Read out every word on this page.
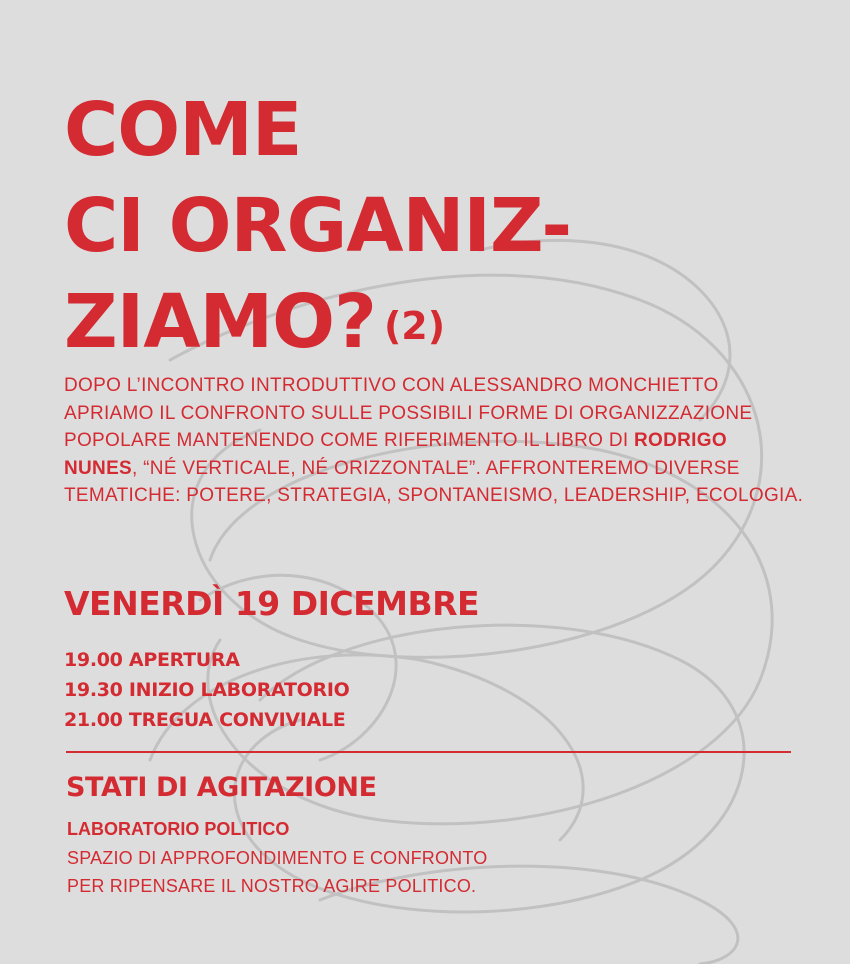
COME
CI ORGANIZ-
ZIAMO? $^{(2)}$

DOPO L’INCONTRO INTRODUTTIVO CON ALESSANDRO MONCHIETTO APRIAMO IL CONFRONTO SULLE POSSIBILI FORME DI ORGANIZZAZIONE POPOLARE MANTENENDO COME RIFERIMENTO IL LIBRO DI RODRIGO NUNES, “NÉ VERTICALE, NÉ ORIZZONTALE”. AFFRONTEREMO DIVERSE TEMATICHE: POTERE, STRATEGIA, SPONTANEISMO, LEADERSHIP, ECOLOGIA.

VENERDÌ 19 DICEMBRE
19.00 APERTURA
19.30 INIZIO LABORATORIO
21.00 TREGUA CONVIVIALE
STATI DI AGITAZIONE

LABORATORIO POLITICO

SPAZIO DI APPROFONDIMENTO E CONFRONTO
PER RIPENSARE IL NOSTRO AGIRE POLITICO.
